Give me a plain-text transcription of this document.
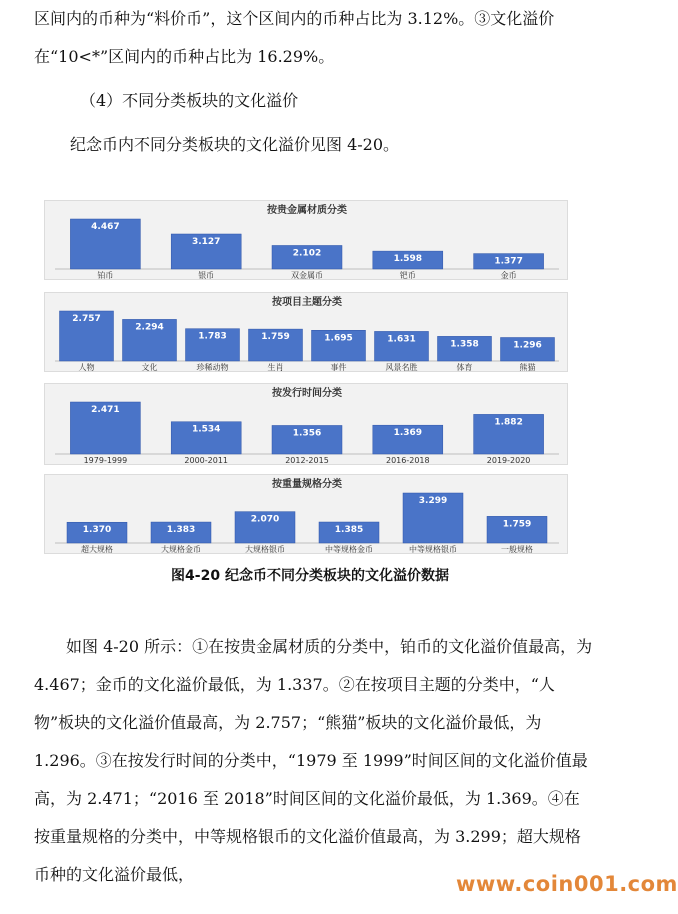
区间内的币种为“料价币”，这个区间内的币种占比为 3.12%。③文化溢价在“10<*”区间内的币种占比为 16.29%。

（4）不同分类板块的文化溢价

纪念币内不同分类板块的文化溢价见图 4-20。

按贵金属材质分类
4.467
铂币
3.127
银币
2.102
双金属币
1.598
钯币
1.377
金币
按项目主题分类
2.757
人物
2.294
文化
1.783
珍稀动物
1.759
生肖
1.695
事件
1.631
风景名胜
1.358
体育
1.296
熊猫
按发行时间分类
2.471
1979-1999
1.534
2000-2011
1.356
2012-2015
1.369
2016-2018
1.882
2019-2020
按重量规格分类
1.370
超大规格
1.383
大规格金币
2.070
大规格银币
1.385
中等规格金币
3.299
中等规格银币
1.759
一般规格

图4-20 纪念币不同分类板块的文化溢价数据

如图 4-20 所示：①在按贵金属材质的分类中，铂币的文化溢价值最高，为 4.467；金币的文化溢价最低，为 1.337。②在按项目主题的分类中，“人物”板块的文化溢价值最高，为 2.757；“熊猫”板块的文化溢价最低，为 1.296。③在按发行时间的分类中，“1979 至 1999”时间区间的文化溢价值最高，为 2.471；“2016 至 2018”时间区间的文化溢价最低，为 1.369。④在按重量规格的分类中，中等规格银币的文化溢价值最高，为 3.299；超大规格币种的文化溢价最低，	www.coin001.com
